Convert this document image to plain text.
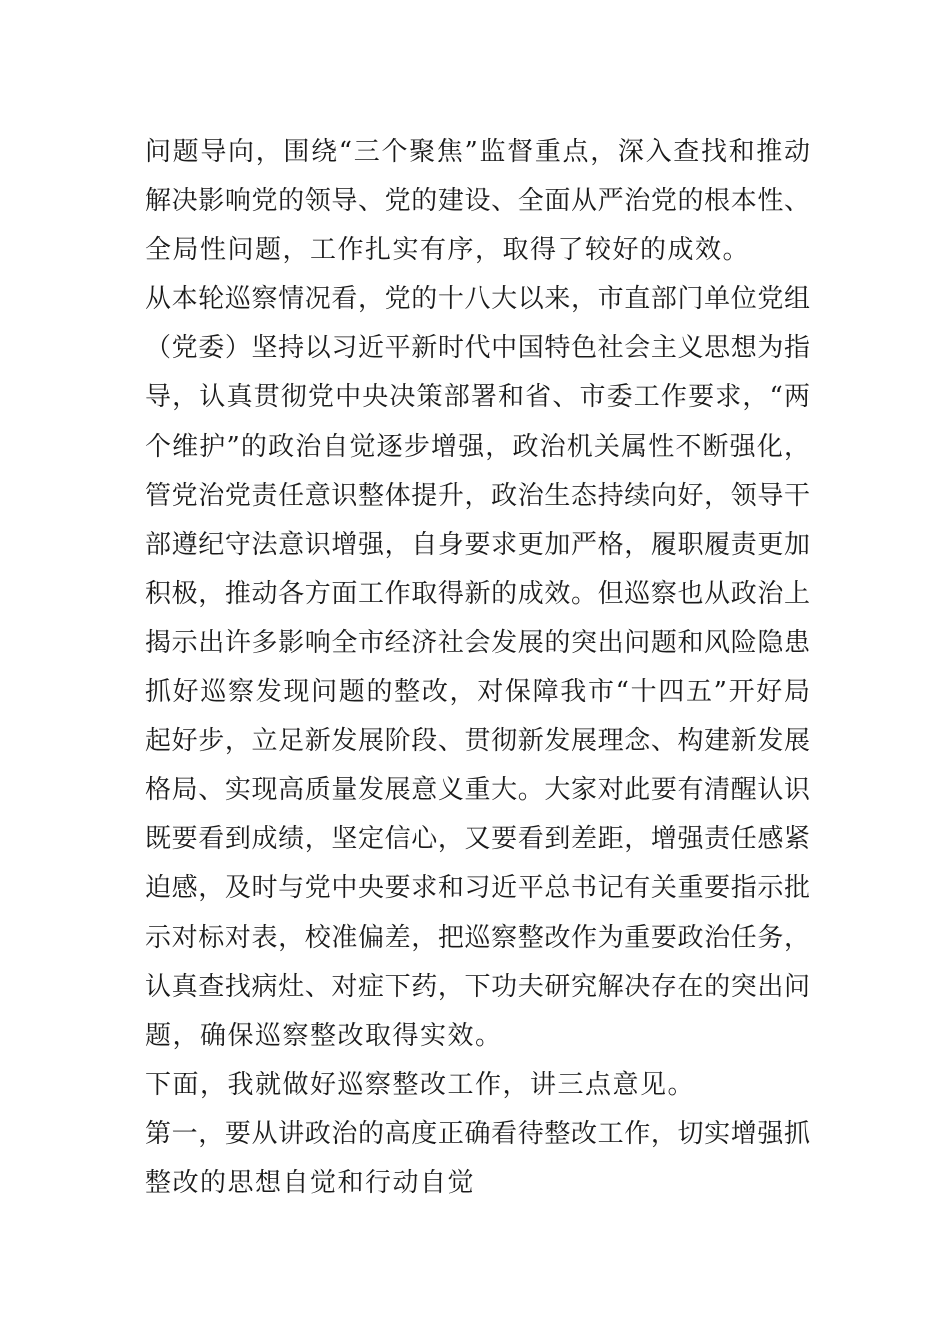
问题导向，围绕“三个聚焦”监督重点，深入查找和推动
解决影响党的领导、党的建设、全面从严治党的根本性、
全局性问题，工作扎实有序，取得了较好的成效。
从本轮巡察情况看，党的十八大以来，市直部门单位党组
（党委）坚持以习近平新时代中国特色社会主义思想为指
导，认真贯彻党中央决策部署和省、市委工作要求，“两
个维护”的政治自觉逐步增强，政治机关属性不断强化，
管党治党责任意识整体提升，政治生态持续向好，领导干
部遵纪守法意识增强，自身要求更加严格，履职履责更加
积极，推动各方面工作取得新的成效。但巡察也从政治上
揭示出许多影响全市经济社会发展的突出问题和风险隐患
抓好巡察发现问题的整改，对保障我市“十四五”开好局
起好步，立足新发展阶段、贯彻新发展理念、构建新发展
格局、实现高质量发展意义重大。大家对此要有清醒认识
既要看到成绩，坚定信心，又要看到差距，增强责任感紧
迫感，及时与党中央要求和习近平总书记有关重要指示批
示对标对表，校准偏差，把巡察整改作为重要政治任务，
认真查找病灶、对症下药，下功夫研究解决存在的突出问
题，确保巡察整改取得实效。
下面，我就做好巡察整改工作，讲三点意见。
第一，要从讲政治的高度正确看待整改工作，切实增强抓
整改的思想自觉和行动自觉
